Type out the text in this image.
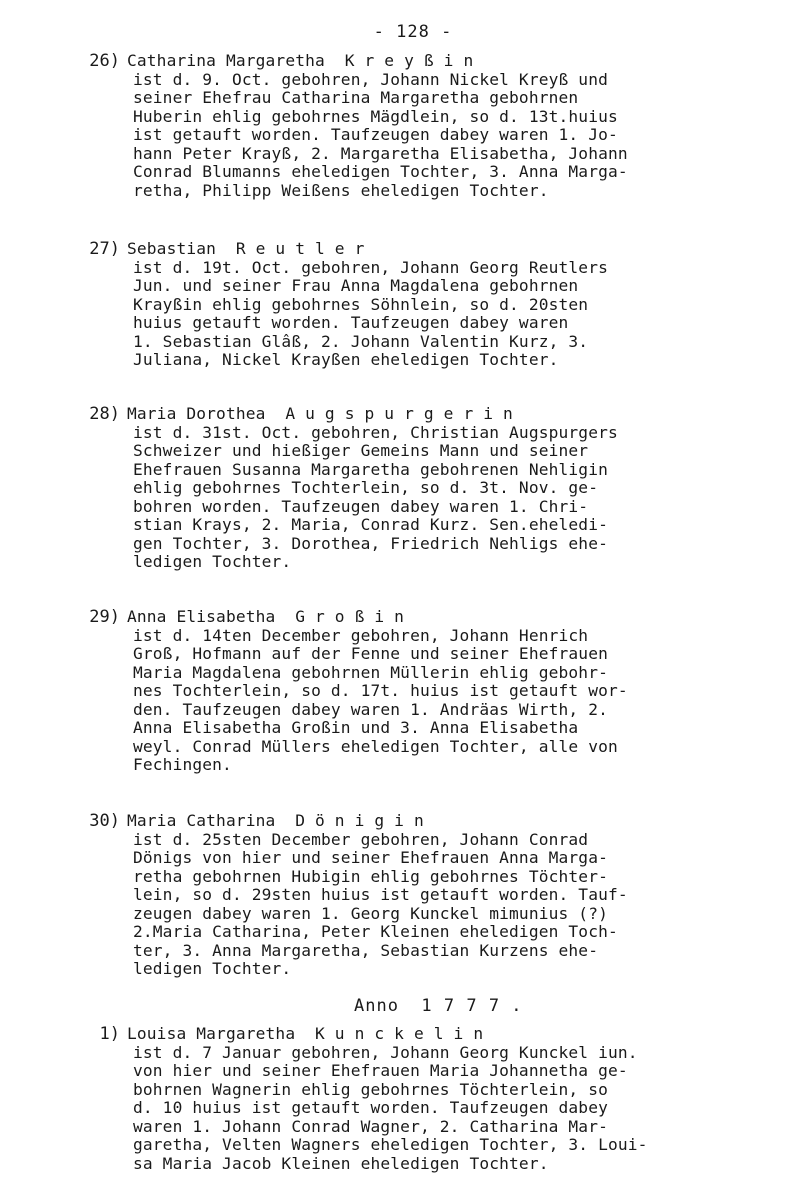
- 128 -
26) Catharina Margaretha  K r e y ß i n
ist d. 9. Oct. gebohren, Johann Nickel Kreyß und
seiner Ehefrau Catharina Margaretha gebohrnen
Huberin ehlig gebohrnes Mägdlein, so d. 13t.huius
ist getauft worden. Taufzeugen dabey waren 1. Jo-
hann Peter Krayß, 2. Margaretha Elisabetha, Johann
Conrad Blumanns eheledigen Tochter, 3. Anna Marga-
retha, Philipp Weißens eheledigen Tochter.
27) Sebastian  R e u t l e r
ist d. 19t. Oct. gebohren, Johann Georg Reutlers
Jun. und seiner Frau Anna Magdalena gebohrnen
Krayßin ehlig gebohrnes Söhnlein, so d. 20sten
huius getauft worden. Taufzeugen dabey waren
1. Sebastian Glâß, 2. Johann Valentin Kurz, 3.
Juliana, Nickel Krayßen eheledigen Tochter.
28) Maria Dorothea  A u g s p u r g e r i n
ist d. 31st. Oct. gebohren, Christian Augspurgers
Schweizer und hießiger Gemeins Mann und seiner
Ehefrauen Susanna Margaretha gebohrenen Nehligin
ehlig gebohrnes Tochterlein, so d. 3t. Nov. ge-
bohren worden. Taufzeugen dabey waren 1. Chri-
stian Krays, 2. Maria, Conrad Kurz. Sen.eheledi-
gen Tochter, 3. Dorothea, Friedrich Nehligs ehe-
ledigen Tochter.
29) Anna Elisabetha  G r o ß i n
ist d. 14ten December gebohren, Johann Henrich
Groß, Hofmann auf der Fenne und seiner Ehefrauen
Maria Magdalena gebohrnen Müllerin ehlig gebohr-
nes Tochterlein, so d. 17t. huius ist getauft wor-
den. Taufzeugen dabey waren 1. Andräas Wirth, 2.
Anna Elisabetha Großin und 3. Anna Elisabetha
weyl. Conrad Müllers eheledigen Tochter, alle von
Fechingen.
30) Maria Catharina  D ö n i g i n
ist d. 25sten December gebohren, Johann Conrad
Dönigs von hier und seiner Ehefrauen Anna Marga-
retha gebohrnen Hubigin ehlig gebohrnes Töchter-
lein, so d. 29sten huius ist getauft worden. Tauf-
zeugen dabey waren 1. Georg Kunckel mimunius (?)
2.Maria Catharina, Peter Kleinen eheledigen Toch-
ter, 3. Anna Margaretha, Sebastian Kurzens ehe-
ledigen Tochter.
1) Louisa Margaretha  K u n c k e l i n
ist d. 7 Januar gebohren, Johann Georg Kunckel iun.
von hier und seiner Ehefrauen Maria Johannetha ge-
bohrnen Wagnerin ehlig gebohrnes Töchterlein, so
d. 10 huius ist getauft worden. Taufzeugen dabey
waren 1. Johann Conrad Wagner, 2. Catharina Mar-
garetha, Velten Wagners eheledigen Tochter, 3. Loui-
sa Maria Jacob Kleinen eheledigen Tochter.
Anno  1 7 7 7 .
